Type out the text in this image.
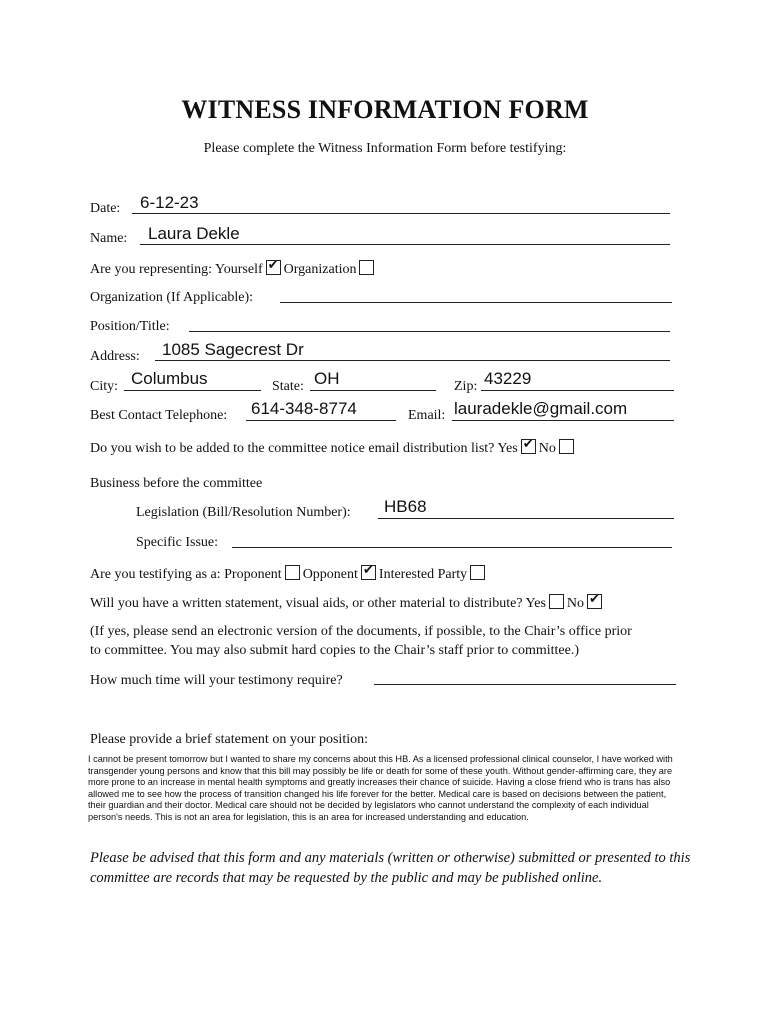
WITNESS INFORMATION FORM
Please complete the Witness Information Form before testifying:
Date: 6-12-23
Name: Laura Dekle
Are you representing: Yourself ✔ Organization
Organization (If Applicable):
Position/Title:
Address: 1085 Sagecrest Dr
City: Columbus	State: OH	Zip: 43229
Best Contact Telephone: 614-348-8774	Email: lauradekle@gmail.com
Do you wish to be added to the committee notice email distribution list? Yes ✔ No
Business before the committee
Legislation (Bill/Resolution Number): HB68
Specific Issue:
Are you testifying as a: Proponent Opponent ✔ Interested Party
Will you have a written statement, visual aids, or other material to distribute? Yes No✔
(If yes, please send an electronic version of the documents, if possible, to the Chair’s office prior
to committee. You may also submit hard copies to the Chair’s staff prior to committee.)
How much time will your testimony require?
Please provide a brief statement on your position:
I cannot be present tomorrow but I wanted to share my concerns about this HB. As a licensed professional clinical counselor, I have worked with transgender young persons and know that this bill may possibly be life or death for some of these youth. Without gender-affirming care, they are more prone to an increase in mental health symptoms and greatly increases their chance of suicide. Having a close friend who is trans has also allowed me to see how the process of transition changed his life forever for the better. Medical care is based on decisions between the patient, their guardian and their doctor. Medical care should not be decided by legislators who cannot understand the complexity of each individual person's needs. This is not an area for legislation, this is an area for increased understanding and education.
Please be advised that this form and any materials (written or otherwise) submitted or presented to this committee are records that may be requested by the public and may be published online.
